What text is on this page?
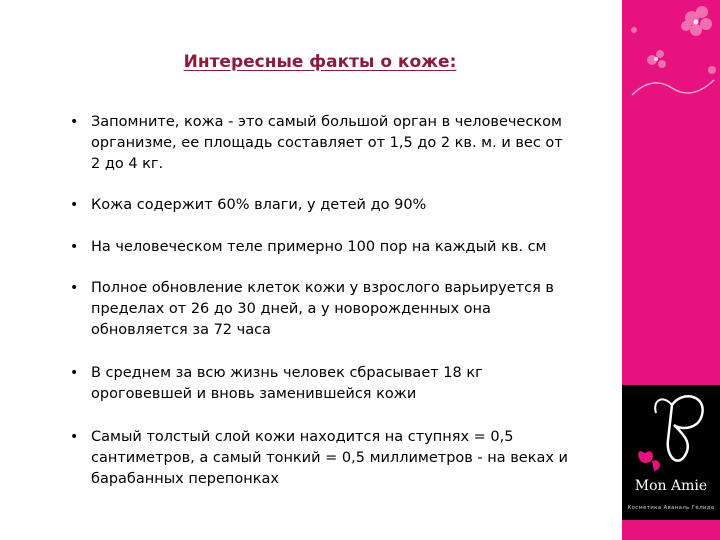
Интересные факты о коже:
• Запомните, кожа - это самый большой орган в человеческом организме, ее площадь составляет от 1,5 до 2 кв. м. и вес от 2 до 4 кг.
• Кожа содержит 60% влаги, у детей до 90%
• На человеческом теле примерно 100 пор на каждый кв. см
• Полное обновление клеток кожи у взрослого варьируется в пределах от 26 до 30 дней, а у новорожденных она обновляется за 72 часа
• В среднем за всю жизнь человек сбрасывает 18 кг ороговевшей и вновь заменившейся кожи
• Самый толстый слой кожи находится на ступнях = 0,5 сантиметров, а самый тонкий = 0,5 миллиметров - на веках и барабанных перепонках	Mon Amie
Косметика Аваналь Гелиде
